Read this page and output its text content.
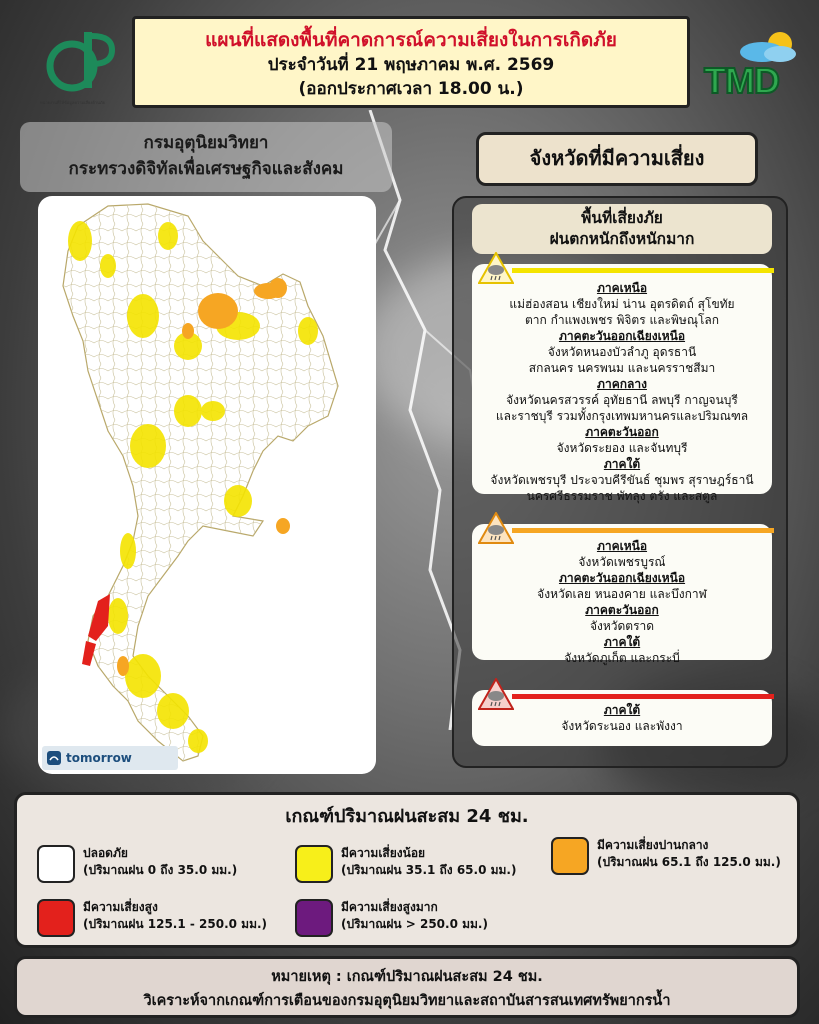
หน่วยงานที่ให้ข้อมูลความเสี่ยงด้านภัย
TMD
แผนที่แสดงพื้นที่คาดการณ์ความเสี่ยงในการเกิดภัย
ประจำวันที่ 21 พฤษภาคม พ.ศ. 2569
(ออกประกาศเวลา 18.00 น.)
กรมอุตุนิยมวิทยา
กระทรวงดิจิทัลเพื่อเศรษฐกิจและสังคม	จังหวัดที่มีความเสี่ยง
tomorrow
พื้นที่เสี่ยงภัย
ฝนตกหนักถึงหนักมาก
ภาคเหนือ
แม่ฮ่องสอน เชียงใหม่ น่าน อุตรดิตถ์ สุโขทัย
ตาก กำแพงเพชร พิจิตร และพิษณุโลก
ภาคตะวันออกเฉียงเหนือ
จังหวัดหนองบัวลำภู อุดรธานี
สกลนคร นครพนม และนครราชสีมา
ภาคกลาง
จังหวัดนครสวรรค์ อุทัยธานี ลพบุรี กาญจนบุรี
และราชบุรี รวมทั้งกรุงเทพมหานครและปริมณฑล
ภาคตะวันออก
จังหวัดระยอง และจันทบุรี
ภาคใต้
จังหวัดเพชรบุรี ประจวบคีรีขันธ์ ชุมพร สุราษฎร์ธานี
นครศรีธรรมราช พัทลุง ตรัง และสตูล
ภาคเหนือ
จังหวัดเพชรบูรณ์
ภาคตะวันออกเฉียงเหนือ
จังหวัดเลย หนองคาย และบึงกาฬ
ภาคตะวันออก
จังหวัดตราด
ภาคใต้
จังหวัดภูเก็ต และกระบี่
ภาคใต้
จังหวัดระนอง และพังงา
เกณฑ์ปริมาณฝนสะสม 24 ชม.
ปลอดภัย
(ปริมาณฝน 0 ถึง 35.0 มม.)
มีความเสี่ยงน้อย
(ปริมาณฝน 35.1 ถึง 65.0 มม.)
มีความเสี่ยงปานกลาง
(ปริมาณฝน 65.1 ถึง 125.0 มม.)
มีความเสี่ยงสูง
(ปริมาณฝน 125.1 - 250.0 มม.)
มีความเสี่ยงสูงมาก
(ปริมาณฝน > 250.0 มม.)
หมายเหตุ : เกณฑ์ปริมาณฝนสะสม 24 ชม.
วิเคราะห์จากเกณฑ์การเตือนของกรมอุตุนิยมวิทยาและสถาบันสารสนเทศทรัพยากรน้ำ
